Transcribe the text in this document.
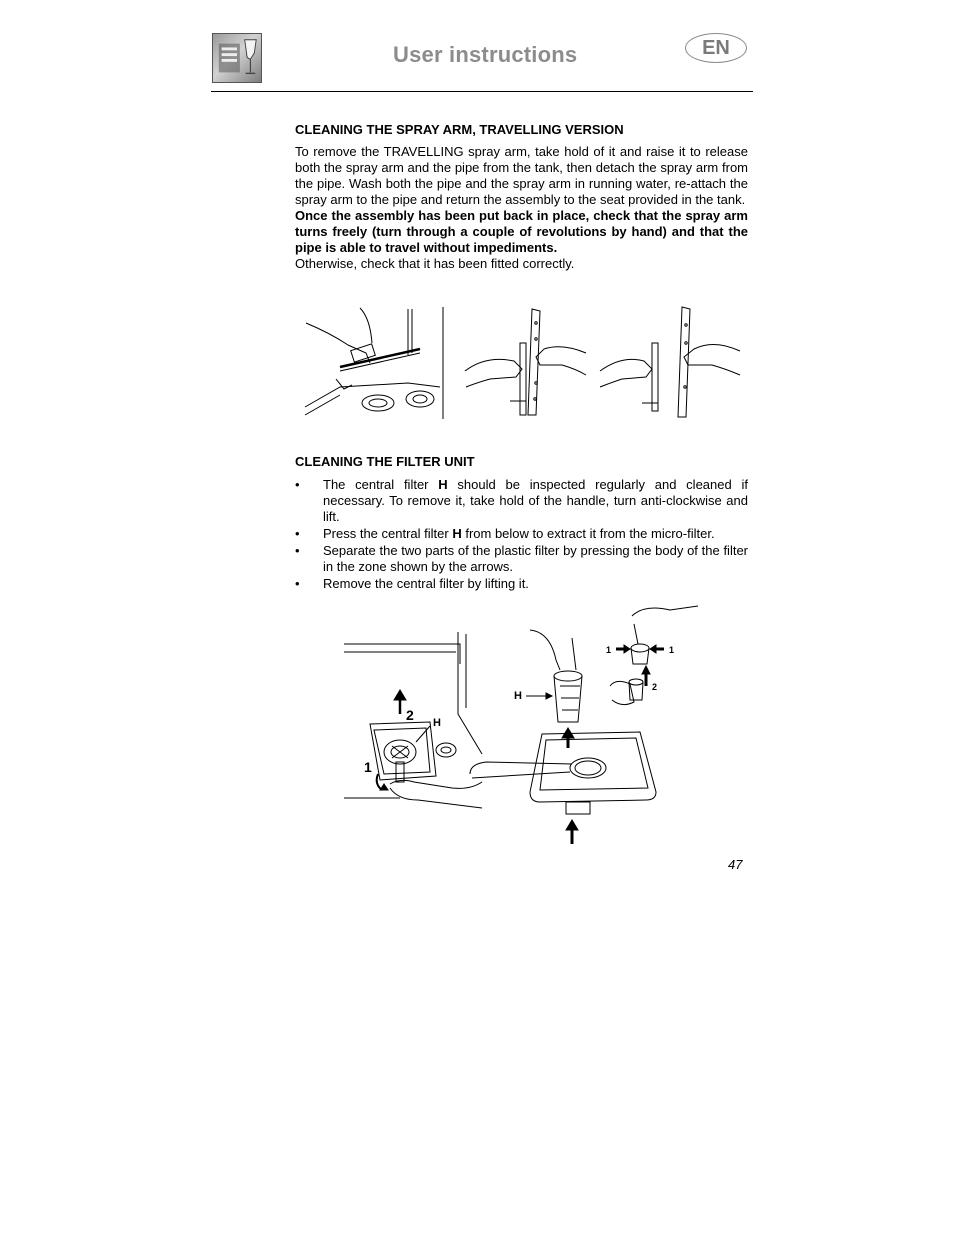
User instructions	EN

CLEANING THE SPRAY ARM, TRAVELLING VERSION

To remove the TRAVELLING spray arm, take hold of it and raise it to release both the spray arm and the pipe from the tank, then detach the spray arm from the pipe. Wash both the pipe and the spray arm in running water, re-attach the spray arm to the pipe and return the assembly to the seat provided in the tank.

Once the assembly has been put back in place, check that the spray arm turns freely (turn through a couple of revolutions by hand) and that the pipe is able to travel without impediments.

Otherwise, check that it has been fitted correctly.

CLEANING THE FILTER UNIT

•	The central filter H should be inspected regularly and cleaned if necessary. To remove it, take hold of the handle, turn anti-clockwise and lift.
•	Press the central filter H from below to extract it from the micro-filter.
•	Separate the two parts of the plastic filter by pressing the body of the filter in the zone shown by the arrows.
•	Remove the central filter by lifting it.
2
1
H
H
1	1
2
47
